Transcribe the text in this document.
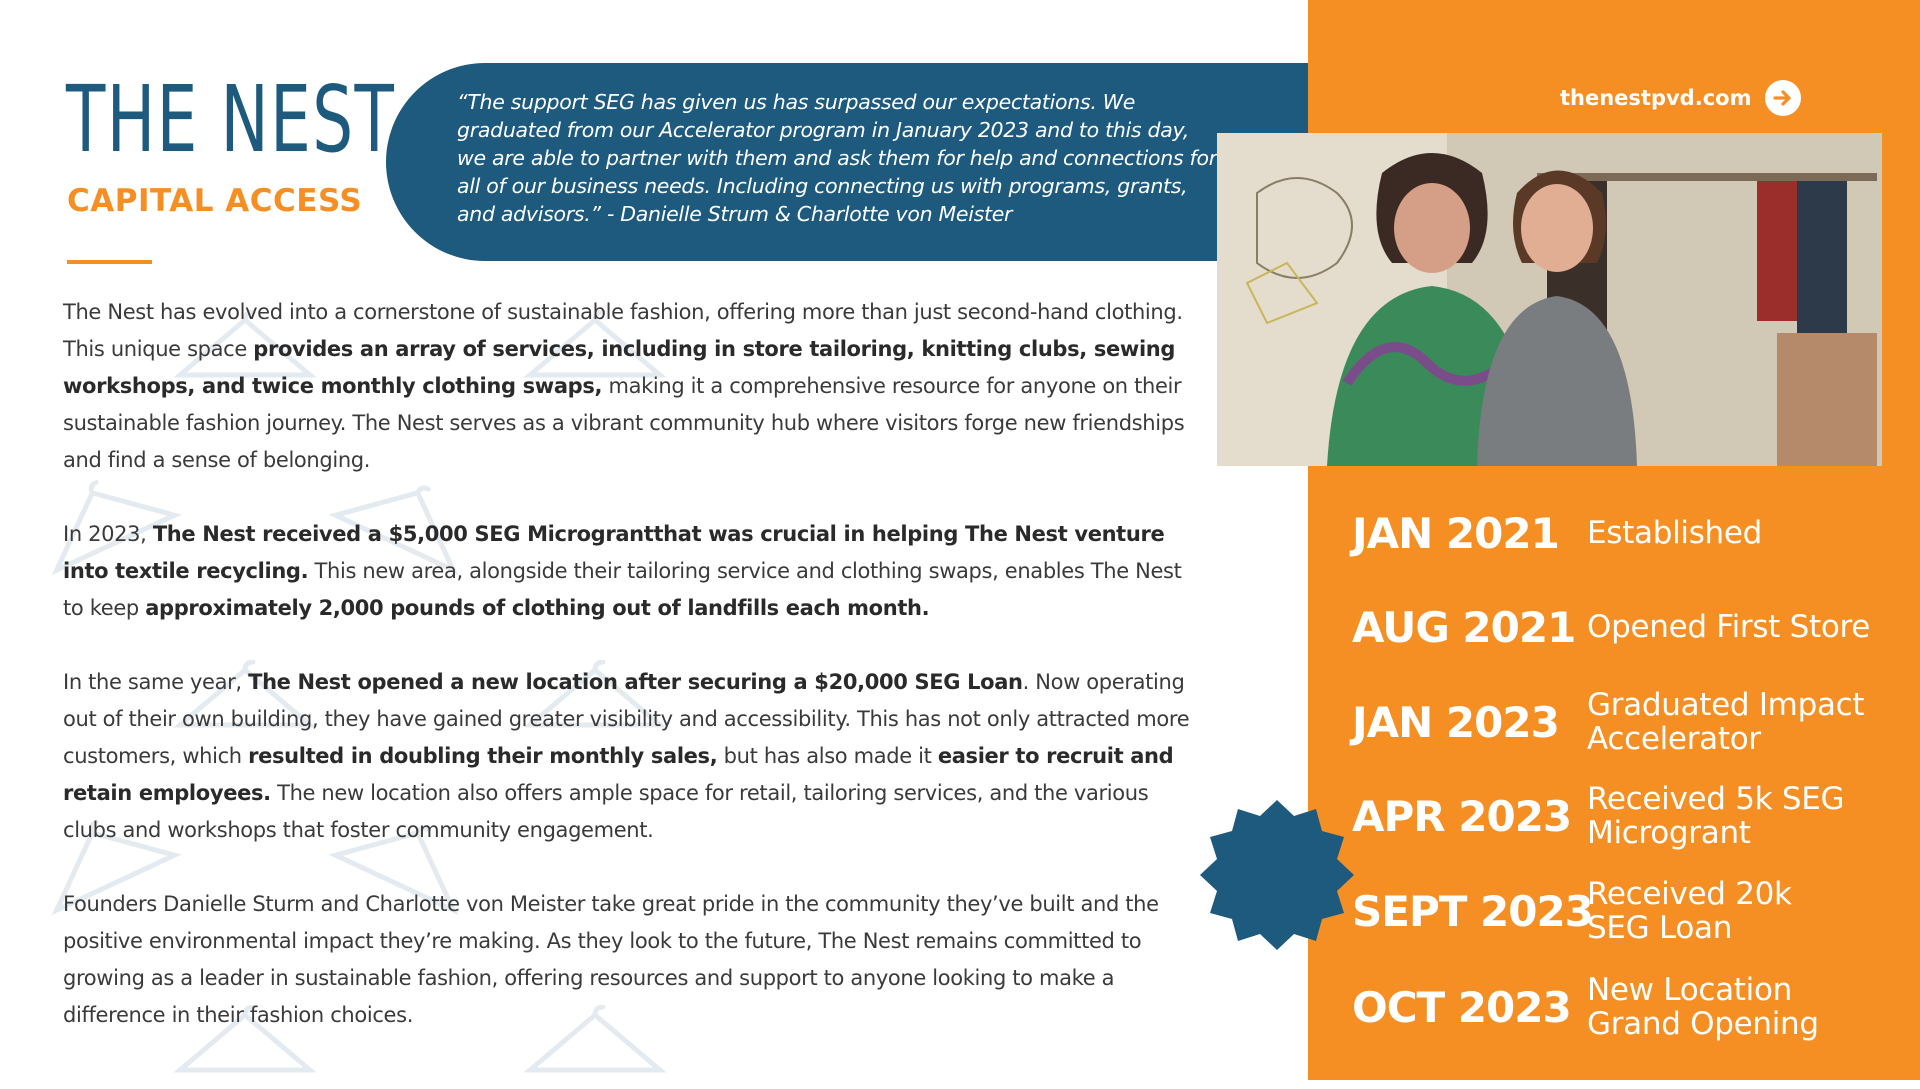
“The support SEG has given us has surpassed our expectations. We graduated from our Accelerator program in January 2023 and to this day, we are able to partner with them and ask them for help and connections for all of our business needs. Including connecting us with programs, grants, and advisors.” - Danielle Strum & Charlotte von Meister

THE NEST
CAPITAL ACCESS
thenestpvd.com

The Nest has evolved into a cornerstone of sustainable fashion, offering more than just second-hand clothing. This unique space provides an array of services, including in store tailoring, knitting clubs, sewing workshops, and twice monthly clothing swaps, making it a comprehensive resource for anyone on their sustainable fashion journey. The Nest serves as a vibrant community hub where visitors forge new friendships and find a sense of belonging.

In 2023, The Nest received a $5,000 SEG Micrograntthat was crucial in helping The Nest venture into textile recycling. This new area, alongside their tailoring service and clothing swaps, enables The Nest to keep approximately 2,000 pounds of clothing out of landfills each month.

In the same year, The Nest opened a new location after securing a $20,000 SEG Loan. Now operating out of their own building, they have gained greater visibility and accessibility. This has not only attracted more customers, which resulted in doubling their monthly sales, but has also made it easier to recruit and retain employees. The new location also offers ample space for retail, tailoring services, and the various clubs and workshops that foster community engagement.

Founders Danielle Sturm and Charlotte von Meister take great pride in the community they’ve built and the positive environmental impact they’re making. As they look to the future, The Nest remains committed to growing as a leader in sustainable fashion, offering resources and support to anyone looking to make a difference in their fashion choices.

JAN 2021 Established
AUG 2021 Opened First Store
JAN 2023 Graduated Impact
Accelerator
APR 2023 Received 5k SEG
Microgrant
SEPT 2023
Received 20k
SEG Loan
OCT 2023 New Location
Grand Opening
